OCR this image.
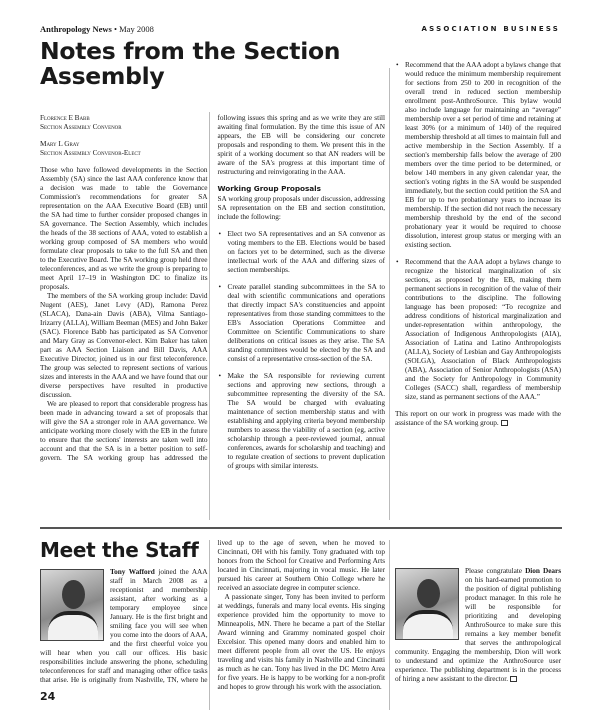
Anthropology News • May 2008	ASSOCIATION BUSINESS
Notes from the Section Assembly
Florence E Babb
Section Assembly Convenor
Mary L Gray
Section Assembly Convenor-Elect

Those who have followed developments in the Section Assembly (SA) since the last AAA conference know that a decision was made to table the Governance Commission's recommendations for greater SA representation on the AAA Executive Board (EB) until the SA had time to further consider proposed changes in SA governance. The Section Assembly, which includes the heads of the 38 sections of AAA, voted to establish a working group composed of SA members who would formulate clear proposals to take to the full SA and then to the Executive Board. The SA working group held three teleconferences, and as we write the group is preparing to meet April 17–19 in Washington DC to finalize its proposals.

The members of the SA working group include: David Nugent (AES), Janet Levy (AD), Ramona Perez (SLACA), Dana-ain Davis (ABA), Vilma Santiago-Irizarry (ALLA), William Beeman (MES) and John Baker (SAC). Florence Babb has participated as SA Convenor and Mary Gray as Convenor-elect. Kim Baker has taken part as AAA Section Liaison and Bill Davis, AAA Executive Director, joined us in our first teleconference. The group was selected to represent sections of various sizes and interests in the AAA and we have found that our diverse perspectives have resulted in productive discussion.

We are pleased to report that considerable progress has been made in advancing toward a set of proposals that will give the SA a stronger role in AAA governance. We anticipate working more closely with the EB in the future to ensure that the sections' interests are taken well into account and that the SA is in a better position to self-govern. The SA working group has addressed the following issues this spring and as we write they are still awaiting final formulation. By the time this issue of AN appears, the EB will be considering our concrete proposals and responding to them. We present this in the spirit of a working document so that AN readers will be aware of the SA's progress at this important time of restructuring and reinvigorating in the AAA.

Working Group Proposals

SA working group proposals under discussion, addressing SA representation on the EB and section constitution, include the following:

• Elect two SA representatives and an SA convenor as voting members to the EB. Elections would be based on factors yet to be determined, such as the diverse intellectual work of the AAA and differing sizes of section memberships.
• Create parallel standing subcommittees in the SA to deal with scientific communications and operations that directly impact SA's constituencies and appoint representatives from those standing committees to the EB's Association Operations Committee and Committee on Scientific Communications to share deliberations on critical issues as they arise. The SA standing committees would be elected by the SA and consist of a representative cross-section of the SA.
• Make the SA responsible for reviewing current sections and approving new sections, through a subcommittee representing the diversity of the SA. The SA would be charged with evaluating maintenance of section membership status and with establishing and applying criteria beyond membership numbers to assess the viability of a section (eg, active scholarship through a peer-reviewed journal, annual conferences, awards for scholarship and teaching) and to regulate creation of sections to prevent duplication of groups with similar interests.
• Recommend that the AAA adopt a bylaws change that would reduce the minimum membership requirement for sections from 250 to 200 in recognition of the overall trend in reduced section membership enrollment post-AnthroSource. This bylaw would also include language for maintaining an “average” membership over a set period of time and retaining at least 30% (or a minimum of 140) of the required membership threshold at all times to maintain full and active membership in the Section Assembly. If a section's membership falls below the average of 200 members over the time period to be determined, or below 140 members in any given calendar year, the section's voting rights in the SA would be suspended immediately, but the section could petition the SA and EB for up to two probationary years to increase its membership. If the section did not reach the necessary membership threshold by the end of the second probationary year it would be required to choose dissolution, interest group status or merging with an existing section.
• Recommend that the AAA adopt a bylaws change to recognize the historical marginalization of six sections, as proposed by the EB, making them permanent sections in recognition of the value of their contributions to the discipline. The following language has been proposed: “To recognize and address conditions of historical marginalization and under-representation within anthropology, the Association of Indigenous Anthropologists (AIA), Association of Latina and Latino Anthropologists (ALLA), Society of Lesbian and Gay Anthropologists (SOLGA), Association of Black Anthropologists (ABA), Association of Senior Anthropologists (ASA) and the Society for Anthropology in Community Colleges (SACC) shall, regardless of membership size, stand as permanent sections of the AAA.”

This report on our work in progress was made with the assistance of the SA working group.

Meet the Staff

Tony Wafford
joined the AAA staff in March 2008 as a receptionist and membership assistant, after working as a temporary employee since January. He is the first bright and smiling face you will see when you come into the doors of AAA, and the first cheerful voice you will hear when you call our offices. His basic responsibilities include answering the phone, scheduling teleconferences for staff and managing other office tasks that arise. He is originally from Nashville, TN, where he lived up to the age of seven, when he moved to Cincinnati, OH with his family. Tony graduated with top honors from the School for Creative and Performing Arts located in Cincinnati, majoring in vocal music. He later pursued his career at Southern Ohio College where he received an associate degree in computer science.

A passionate singer, Tony has been invited to perform at weddings, funerals and many local events. His singing experience provided him the opportunity to move to Minneapolis, MN. There he became a part of the Stellar Award winning and Grammy nominated gospel choir Excelsior. This opened many doors and enabled him to meet different people from all over the US. He enjoys traveling and visits his family in Nashville and Cincinatti as much as he can. Tony has lived in the DC Metro Area for five years. He is happy to be working for a non-profit and hopes to grow through his work with the association.

Please congratulate Dion Dears
on his hard-earned promotion to the position of digital publishing product manager. In this role he will be responsible for prioritizing and developing AnthroSource to make sure this remains a key member benefit that serves the anthropological community. Engaging the membership, Dion will work to understand and optimize the AnthroSource user experience. The publishing department is in the process of hiring a new assistant to the director.

24
